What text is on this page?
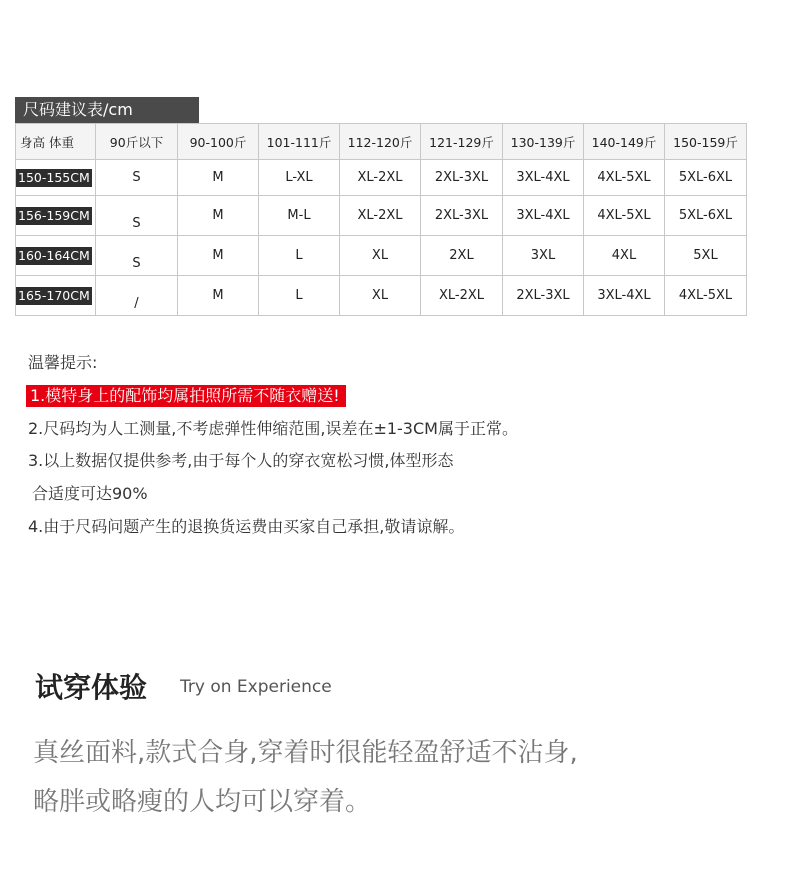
尺码建议表/cm
身高 体重	90斤以下	90-100斤	101-111斤	112-120斤	121-129斤	130-139斤	140-149斤	150-159斤
150-155CM	S	M	L-XL	XL-2XL	2XL-3XL	3XL-4XL	4XL-5XL	5XL-6XL
156-159CM	S	M	M-L	XL-2XL	2XL-3XL	3XL-4XL	4XL-5XL	5XL-6XL
160-164CM	S	M	L	XL	2XL	3XL	4XL	5XL
165-170CM	/	M	L	XL	XL-2XL	2XL-3XL	3XL-4XL	4XL-5XL
温馨提示:
1.模特身上的配饰均属拍照所需不随衣赠送!
2.尺码均为人工测量,不考虑弹性伸缩范围,误差在±1-3CM属于正常。
3.以上数据仅提供参考,由于每个人的穿衣宽松习惯,体型形态
合适度可达90%
4.由于尺码问题产生的退换货运费由买家自己承担,敬请谅解。
试穿体验 Try on Experience
真丝面料,款式合身,穿着时很能轻盈舒适不沾身,
略胖或略瘦的人均可以穿着。
